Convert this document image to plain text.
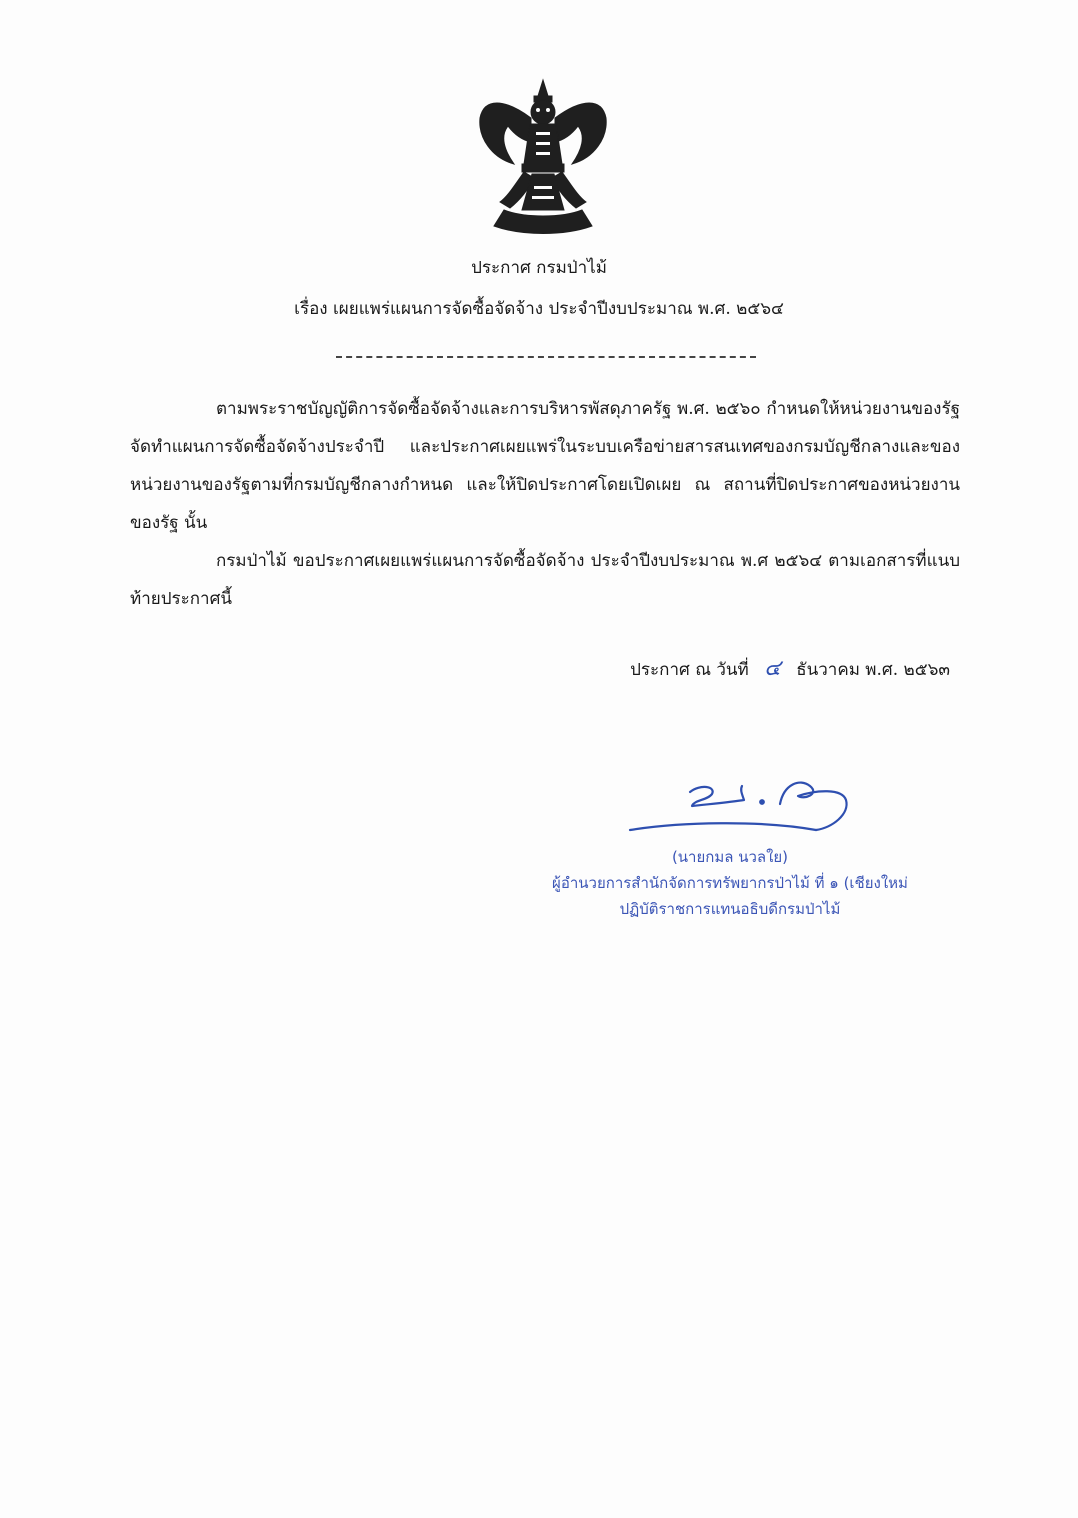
ประกาศ กรมป่าไม้
เรื่อง เผยแพร่แผนการจัดซื้อจัดจ้าง ประจำปีงบประมาณ พ.ศ. ๒๕๖๔
ตามพระราชบัญญัติการจัดซื้อจัดจ้างและการบริหารพัสดุภาครัฐ พ.ศ. ๒๕๖๐ กำหนดให้หน่วยงานของรัฐจัดทำแผนการจัดซื้อจัดจ้างประจำปี และประกาศเผยแพร่ในระบบเครือข่ายสารสนเทศของกรมบัญชีกลางและของหน่วยงานของรัฐตามที่กรมบัญชีกลางกำหนด และให้ปิดประกาศโดยเปิดเผย ณ สถานที่ปิดประกาศของหน่วยงานของรัฐ นั้น
กรมป่าไม้ ขอประกาศเผยแพร่แผนการจัดซื้อจัดจ้าง ประจำปีงบประมาณ พ.ศ ๒๕๖๔ ตามเอกสารที่แนบท้ายประกาศนี้
ประกาศ ณ วันที่ ๔ ธันวาคม พ.ศ. ๒๕๖๓
(นายกมล นวลใย)
ผู้อำนวยการสำนักจัดการทรัพยากรป่าไม้ ที่ ๑ (เชียงใหม่
ปฏิบัติราชการแทนอธิบดีกรมป่าไม้
